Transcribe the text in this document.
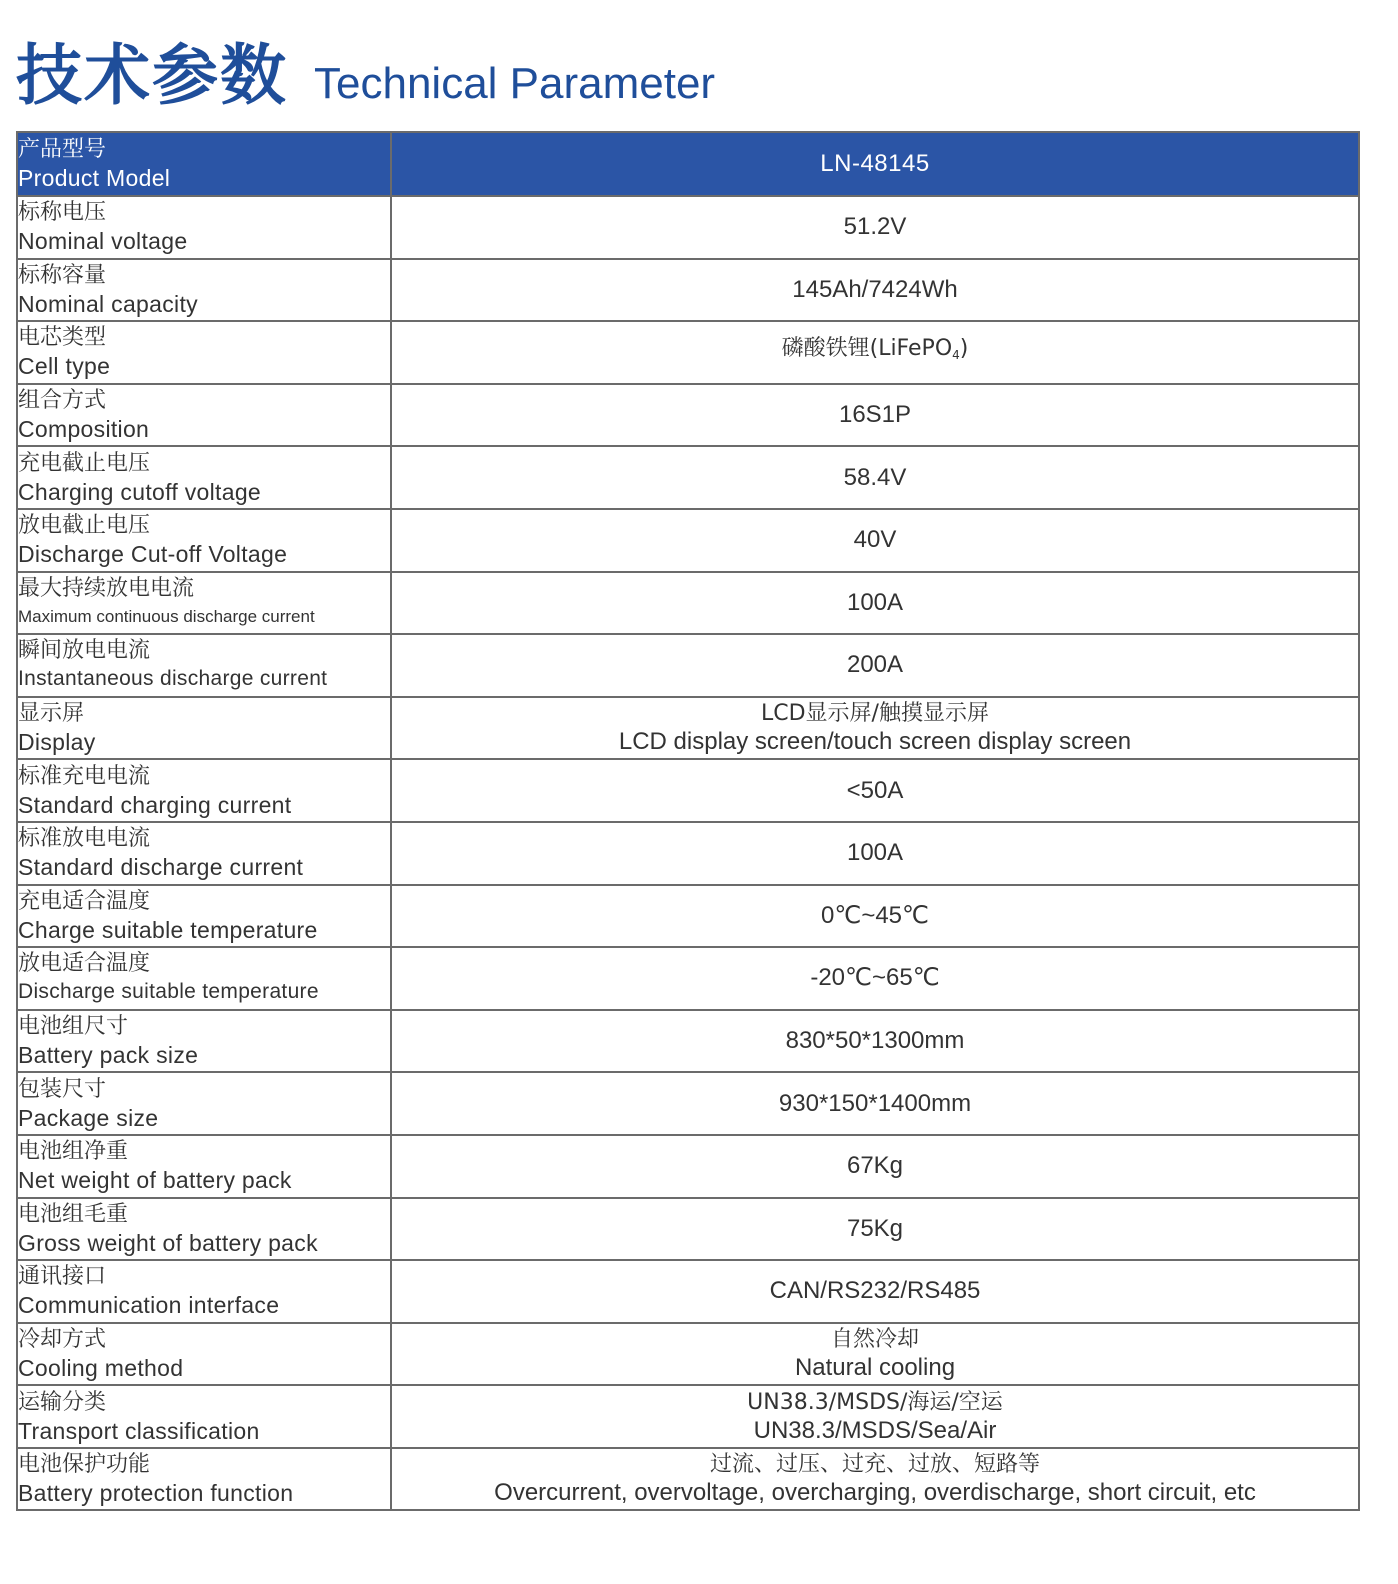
技术参数 Technical Parameter
产品型号
Product Model	LN-48145

标称电压
Nominal voltage	51.2V

标称容量
Nominal capacity	145Ah/7424Wh

电芯类型
Cell type	磷酸铁锂(LiFePO$_4$)

组合方式
Composition	16S1P

充电截止电压
Charging cutoff voltage	58.4V

放电截止电压
Discharge Cut-off Voltage	40V

最大持续放电电流
Maximum continuous discharge current	100A

瞬间放电电流
Instantaneous discharge current	200A

显示屏
Display	LCD显示屏/触摸显示屏
LCD display screen/touch screen display screen

标准充电电流
Standard charging current	<50A

标准放电电流
Standard discharge current	100A

充电适合温度
Charge suitable temperature	0℃~45℃

放电适合温度
Discharge suitable temperature	-20℃~65℃

电池组尺寸
Battery pack size	830*50*1300mm

包装尺寸
Package size	930*150*1400mm

电池组净重
Net weight of battery pack	67Kg

电池组毛重
Gross weight of battery pack	75Kg

通讯接口
Communication interface	CAN/RS232/RS485

冷却方式
Cooling method	自然冷却
Natural cooling

运输分类
Transport classification	UN38.3/MSDS/海运/空运
UN38.3/MSDS/Sea/Air

电池保护功能
Battery protection function	过流、过压、过充、过放、短路等
Overcurrent, overvoltage, overcharging, overdischarge, short circuit, etc
